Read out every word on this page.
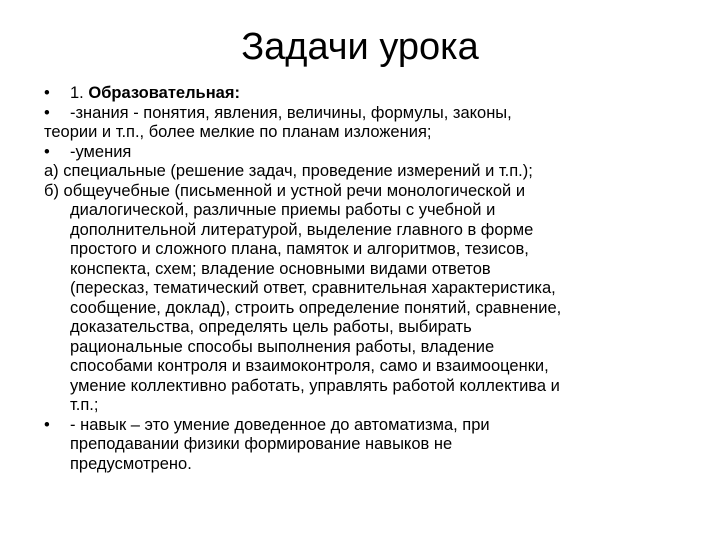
Задачи урока
• 1. Образовательная:
• -знания - понятия, явления, величины, формулы, законы,
теории и т.п., более мелкие по планам изложения;
• -умения
а) специальные (решение задач, проведение измерений и т.п.);
б) общеучебные (письменной и устной речи монологической и
диалогической, различные приемы работы с учебной и
дополнительной литературой, выделение главного в форме
простого и сложного плана, памяток и алгоритмов, тезисов,
конспекта, схем; владение основными видами ответов
(пересказ, тематический ответ, сравнительная характеристика,
сообщение, доклад), строить определение понятий, сравнение,
доказательства, определять цель работы, выбирать
рациональные способы выполнения работы, владение
способами контроля и взаимоконтроля, само и взаимооценки,
умение коллективно работать, управлять работой коллектива и
т.п.;
• - навык – это умение доведенное до автоматизма, при
преподавании физики формирование навыков не
предусмотрено.
